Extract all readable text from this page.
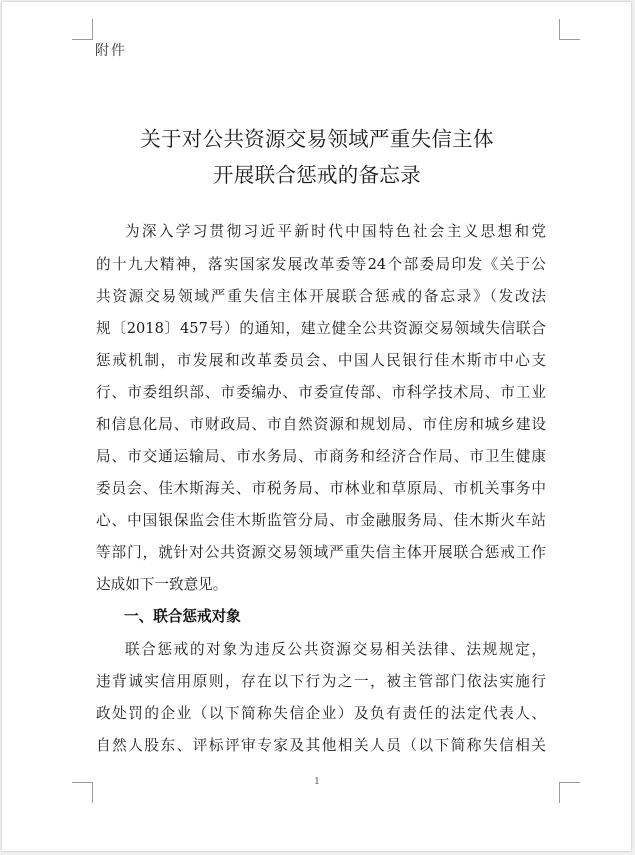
附件
关于对公共资源交易领域严重失信主体
开展联合惩戒的备忘录
为深入学习贯彻习近平新时代中国特色社会主义思想和党
的十九大精神，落实国家发展改革委等24个部委局印发《关于公
共资源交易领域严重失信主体开展联合惩戒的备忘录》（发改法
规〔2018〕457号）的通知，建立健全公共资源交易领域失信联合
惩戒机制，市发展和改革委员会、中国人民银行佳木斯市中心支
行、市委组织部、市委编办、市委宣传部、市科学技术局、市工业
和信息化局、市财政局、市自然资源和规划局、市住房和城乡建设
局、市交通运输局、市水务局、市商务和经济合作局、市卫生健康
委员会、佳木斯海关、市税务局、市林业和草原局、市机关事务中
心、中国银保监会佳木斯监管分局、市金融服务局、佳木斯火车站
等部门，就针对公共资源交易领域严重失信主体开展联合惩戒工作
达成如下一致意见。
一、联合惩戒对象
联合惩戒的对象为违反公共资源交易相关法律、法规规定，
违背诚实信用原则，存在以下行为之一，被主管部门依法实施行
政处罚的企业（以下简称失信企业）及负有责任的法定代表人、
自然人股东、评标评审专家及其他相关人员（以下简称失信相关
1
